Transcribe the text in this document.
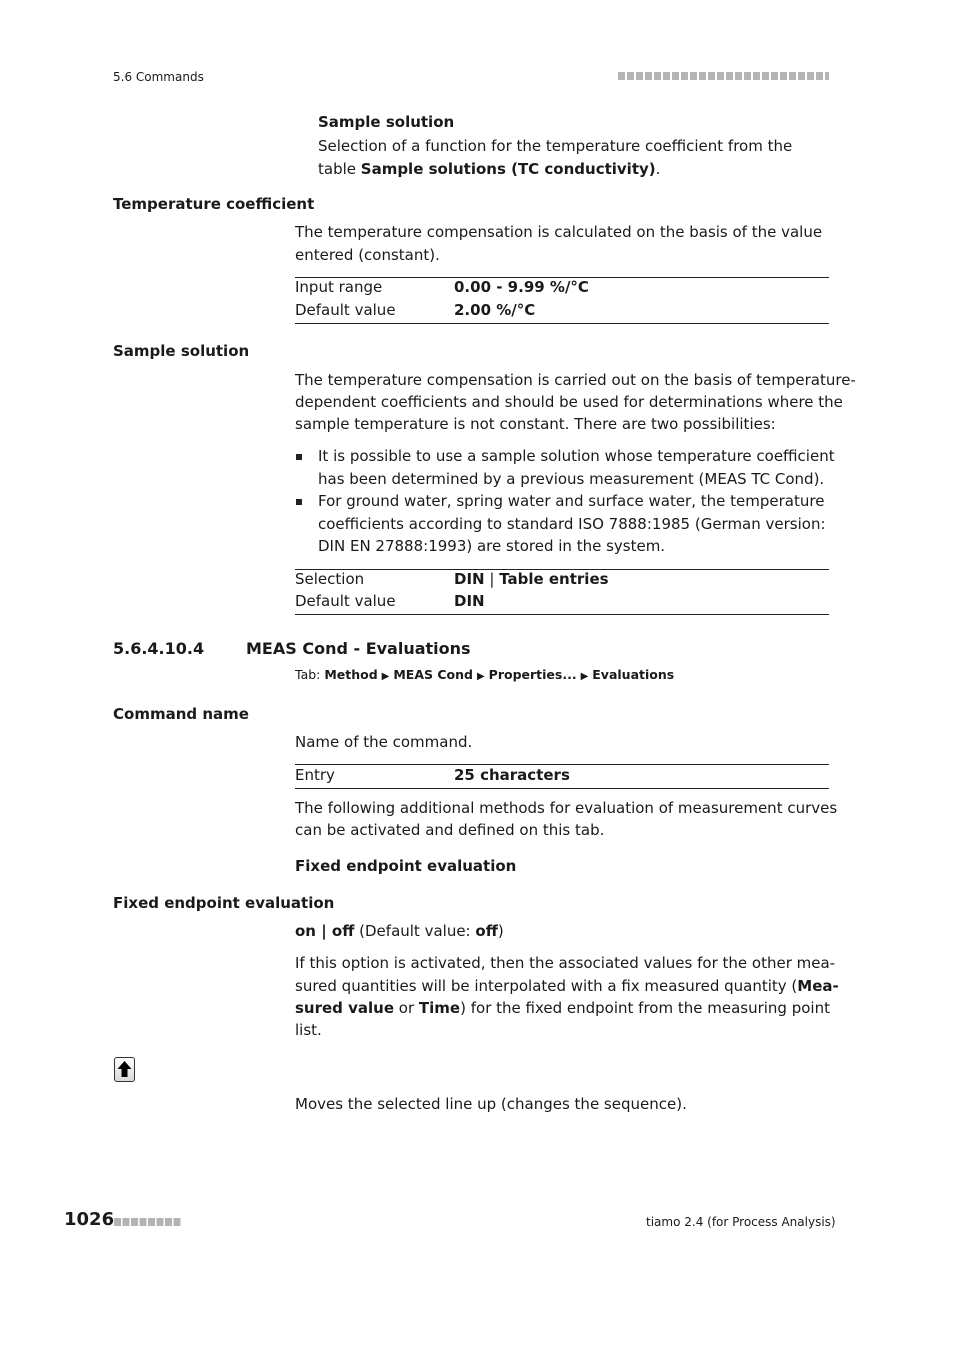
5.6 Commands
Sample solution
Selection of a function for the temperature coefficient from the table Sample solutions (TC conductivity).
Temperature coefficient
The temperature compensation is calculated on the basis of the value
entered (constant).
Input range	0.00 - 9.99 %/°C
Default value	2.00 %/°C
Sample solution
The temperature compensation is carried out on the basis of temperature-
dependent coefficients and should be used for determinations where the
sample temperature is not constant. There are two possibilities:
It is possible to use a sample solution whose temperature coefficient
has been determined by a previous measurement (MEAS TC Cond).
For ground water, spring water and surface water, the temperature
coefficients according to standard ISO 7888:1985 (German version:
DIN EN 27888:1993) are stored in the system.
Selection	DIN | Table entries
Default value	DIN
5.6.4.10.4	MEAS Cond - Evaluations
Tab: Method ▶ MEAS Cond ▶ Properties... ▶ Evaluations
Command name
Name of the command.
Entry	25 characters
The following additional methods for evaluation of measurement curves
can be activated and defined on this tab.
Fixed endpoint evaluation
Fixed endpoint evaluation
on | off (Default value: off)
If this option is activated, then the associated values for the other mea-
sured quantities will be interpolated with a fix measured quantity (Mea-
sured value or Time) for the fixed endpoint from the measuring point
list.
Moves the selected line up (changes the sequence).
1026	tiamo 2.4 (for Process Analysis)
